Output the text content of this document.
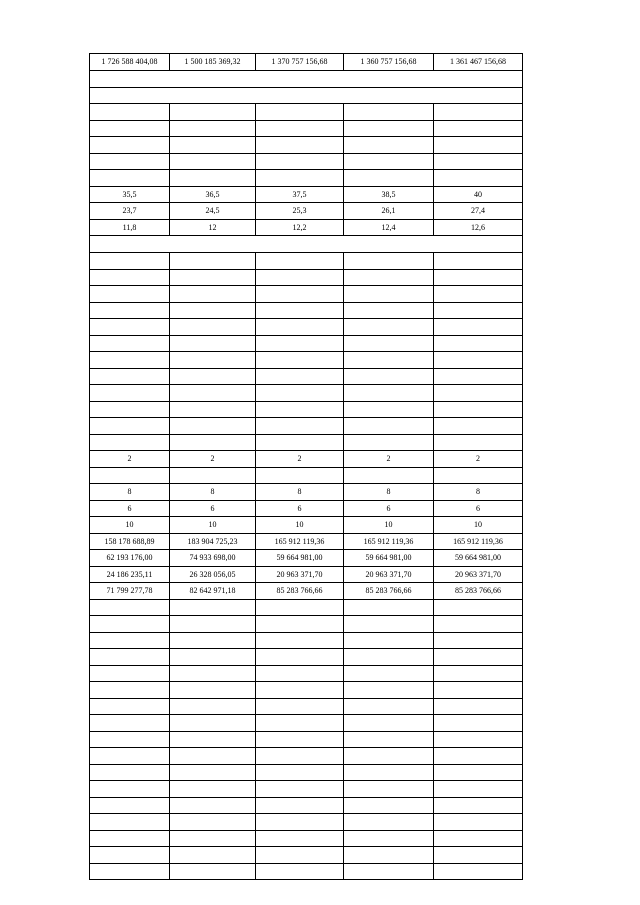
1 726 588 404,08	1 500 185 369,32	1 370 757 156,68	1 360 757 156,68	1 361 467 156,68

35,5	36,5	37,5	38,5	40
23,7	24,5	25,3	26,1	27,4
11,8	12	12,2	12,4	12,6

2	2	2	2	2

8	8	8	8	8
6	6	6	6	6
10	10	10	10	10
158 178 688,89	183 904 725,23	165 912 119,36	165 912 119,36	165 912 119,36
62 193 176,00	74 933 698,00	59 664 981,00	59 664 981,00	59 664 981,00
24 186 235,11	26 328 056,05	20 963 371,70	20 963 371,70	20 963 371,70
71 799 277,78	82 642 971,18	85 283 766,66	85 283 766,66	85 283 766,66
